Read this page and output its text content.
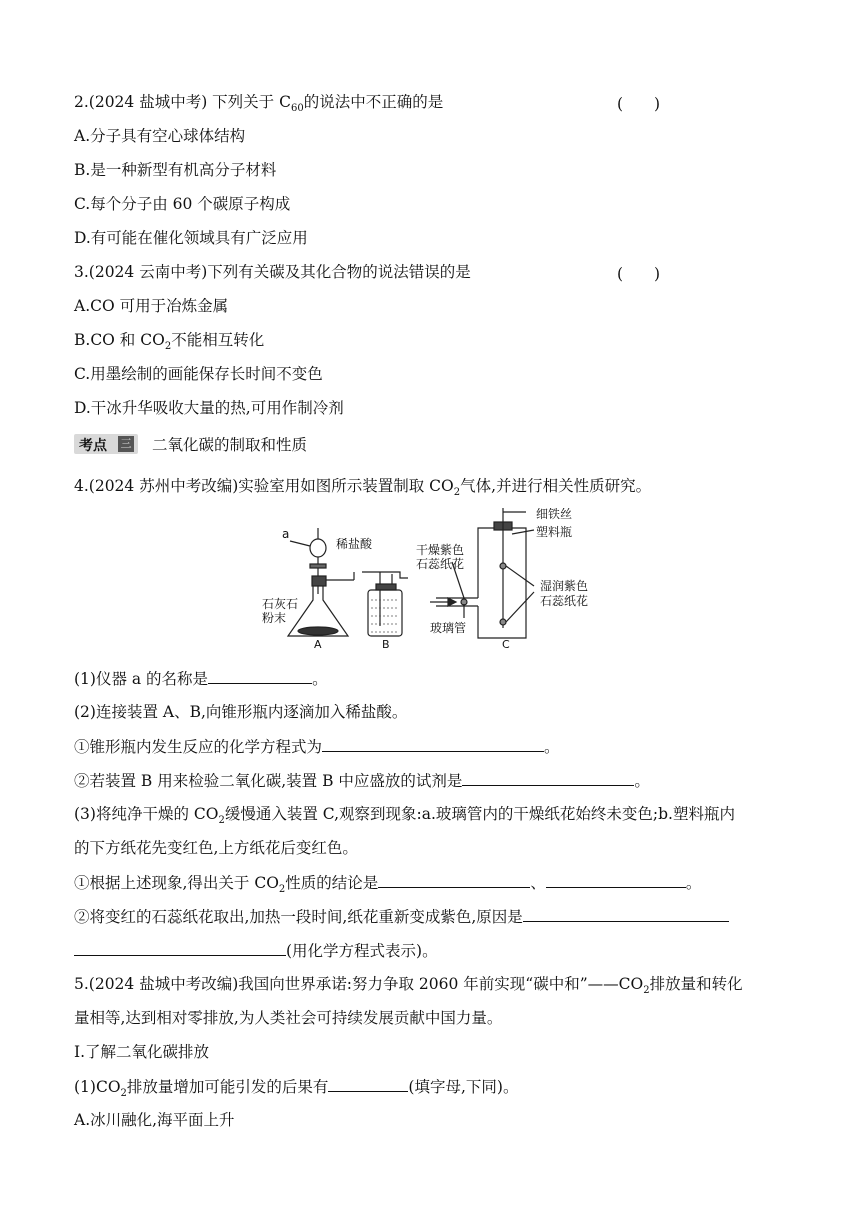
2.(2024 盐城中考) 下列关于 $C_{60}$的说法中不正确的是	(　　)
A.分子具有空心球体结构
B.是一种新型有机高分子材料
C.每个分子由 60 个碳原子构成
D.有可能在催化领域具有广泛应用
3.(2024 云南中考)下列有关碳及其化合物的说法错误的是	(　　)
A.CO 可用于冶炼金属
B.CO 和 $CO_2$不能相互转化
C.用墨绘制的画能保存长时间不变色
D.干冰升华吸收大量的热,可用作制冷剂
考点 三 二氧化碳的制取和性质
4.(2024 苏州中考改编)实验室用如图所示装置制取 $CO_2$气体,并进行相关性质研究。
a
稀盐酸
石灰石
粉末
A	B	C
干燥紫色
石蕊纸花
玻璃管
细铁丝
塑料瓶
湿润紫色
石蕊纸花
(1)仪器 a 的名称是	。
(2)连接装置 A、B,向锥形瓶内逐滴加入稀盐酸。
①锥形瓶内发生反应的化学方程式为	。
②若装置 B 用来检验二氧化碳,装置 B 中应盛放的试剂是	。
(3)将纯净干燥的 $CO_2$缓慢通入装置 C,观察到现象:a.玻璃管内的干燥纸花始终未变色;b.塑料瓶内
的下方纸花先变红色,上方纸花后变红色。
①根据上述现象,得出关于 $CO_2$性质的结论是	、	。
②将变红的石蕊纸花取出,加热一段时间,纸花重新变成紫色,原因是
(用化学方程式表示)。
5.(2024 盐城中考改编)我国向世界承诺:努力争取 2060 年前实现“碳中和$”——CO_2$排放量和转化
量相等,达到相对零排放,为人类社会可持续发展贡献中国力量。
Ⅰ.了解二氧化碳排放
$(1)CO_2$排放量增加可能引发的后果有	(填字母,下同)。
A.冰川融化,海平面上升
